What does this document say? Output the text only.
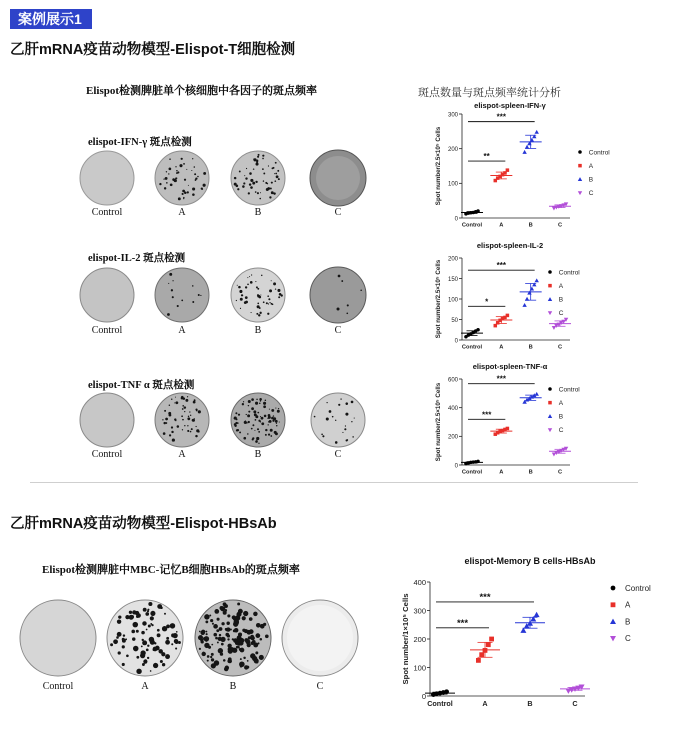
案例展示1
乙肝mRNA疫苗动物模型-Elispot-T细胞检测
Elispot检测脾脏单个核细胞中各因子的斑点频率	斑点数量与斑点频率统计分析
elispot-IFN-γ 斑点检测
Control	A	B	C
elispot-IL-2 斑点检测
Control	A	B	C
elispot-TNF α 斑点检测
Control	A	B	C
elispot-spleen-IFN-γ
0
100
200
300
Spot number/2.5×10⁵ Cells
Control	A	B	C
**
***
Control
A
B
C
elispot-spleen-IL-2
0
50
100
150
200
Spot number/2.5×10⁵ Cells
Control	A	B	C
*
***
Control
A
B
C
elispot-spleen-TNF-α
0
200
400
600
Spot number/2.5×10⁵ Cells
Control	A	B	C
***
***
Control
A
B
C
乙肝mRNA疫苗动物模型-Elispot-HBsAb
Elispot检测脾脏中MBC-记忆B细胞HBsAb的斑点频率
Control	A	B	C
elispot-Memory B cells-HBsAb
0
100
200
300
400
Spot number/1×10⁵ Cells
Control	A	B	C
***
***
Control
A
B
C
